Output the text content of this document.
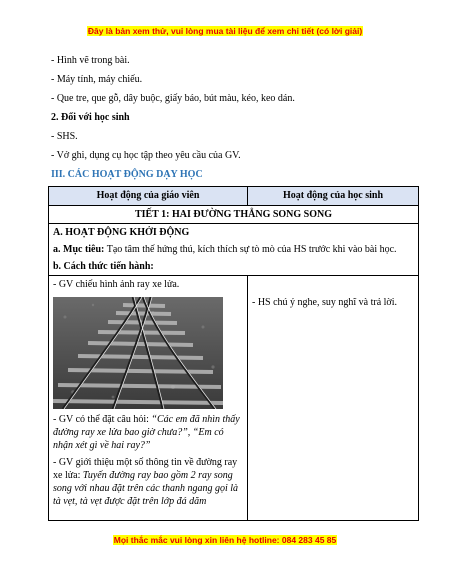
Đây là bản xem thử, vui lòng mua tài liệu để xem chi tiết (có lời giải)
- Hình vẽ trong bài.
- Máy tính, máy chiếu.
- Que tre, que gỗ, dây buộc, giấy báo, bút màu, kéo, keo dán.
2. Đối với học sinh
- SHS.
- Vở ghi, dụng cụ học tập theo yêu cầu của GV.
III. CÁC HOẠT ĐỘNG DẠY HỌC
Hoạt động của giáo viên	Hoạt động của học sinh
TIẾT 1: HAI ĐƯỜNG THẲNG SONG SONG	

A. HOẠT ĐỘNG KHỞI ĐỘNG
a. Mục tiêu: Tạo tâm thế hứng thú, kích thích sự tò mò của HS trước khi vào bài học.
b. Cách thức tiến hành:	

- GV chiếu hình ảnh ray xe lửa.
- GV có thể đặt câu hỏi: “Các em đã nhìn thấy đường ray xe lửa bao giờ chưa?”, “Em có nhận xét gì về hai ray?”
- GV giới thiệu một số thông tin về đường ray xe lửa: Tuyến đường ray bao gồm 2 ray song song với nhau đặt trên các thanh ngang gọi là tà vẹt, tà vẹt được đặt trên lớp đá dăm	- HS chú ý nghe, suy nghĩ và trả lời.
Mọi thắc mắc vui lòng xin liên hệ hotline: 084 283 45 85
